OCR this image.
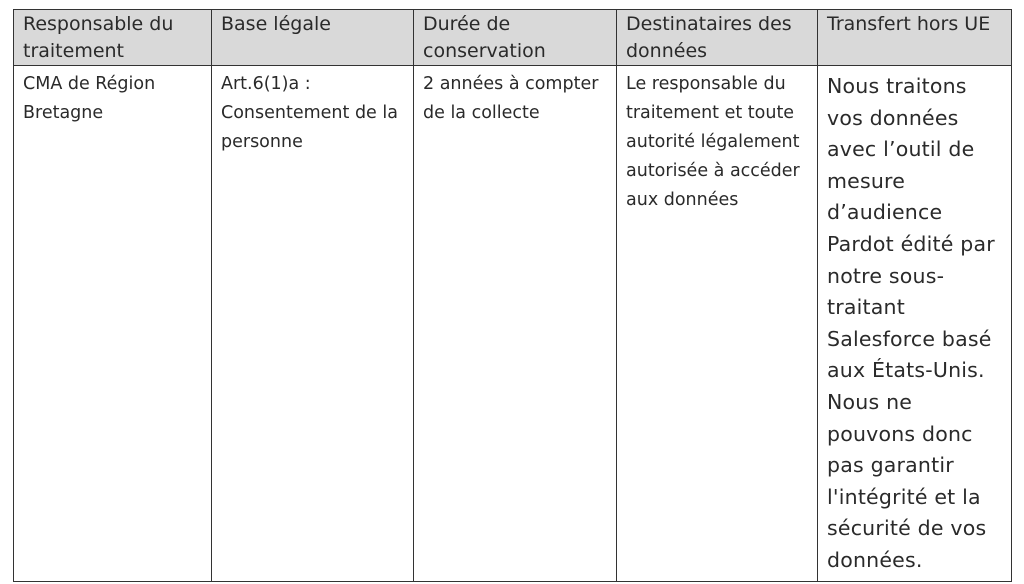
Responsable du traitement	Base légale	Durée de conservation	Destinataires des données	Transfert hors UE
CMA de Région Bretagne	Art.6(1)a : Consentement de la personne	2 années à compter de la collecte	Le responsable du traitement et toute autorité légalement autorisée à accéder aux données	Nous traitons vos données avec l’outil de mesure d’audience Pardot édité par notre sous-traitant Salesforce basé aux États-Unis. Nous ne pouvons donc pas garantir l'intégrité et la sécurité de vos données.
